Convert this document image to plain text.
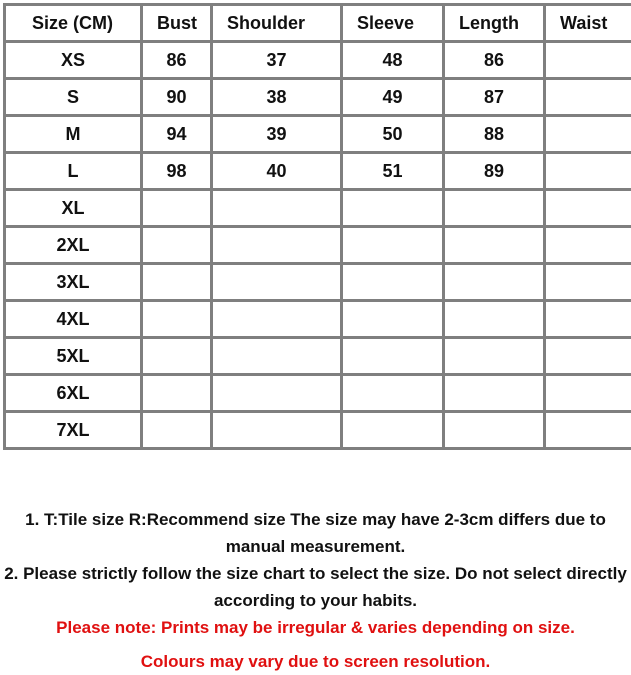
Size (CM)	Bust	Shoulder	Sleeve	Length	Waist
XS	86	37	48	86	
S	90	38	49	87	
M	94	39	50	88	
L	98	40	51	89	
XL					
2XL					
3XL					
4XL					
5XL					
6XL					
7XL					
1. T:Tile size R:Recommend size The size may have 2-3cm differs due to manual measurement.
2. Please strictly follow the size chart to select the size. Do not select directly according to your habits.
Please note: Prints may be irregular & varies depending on size.
Colours may vary due to screen resolution.
